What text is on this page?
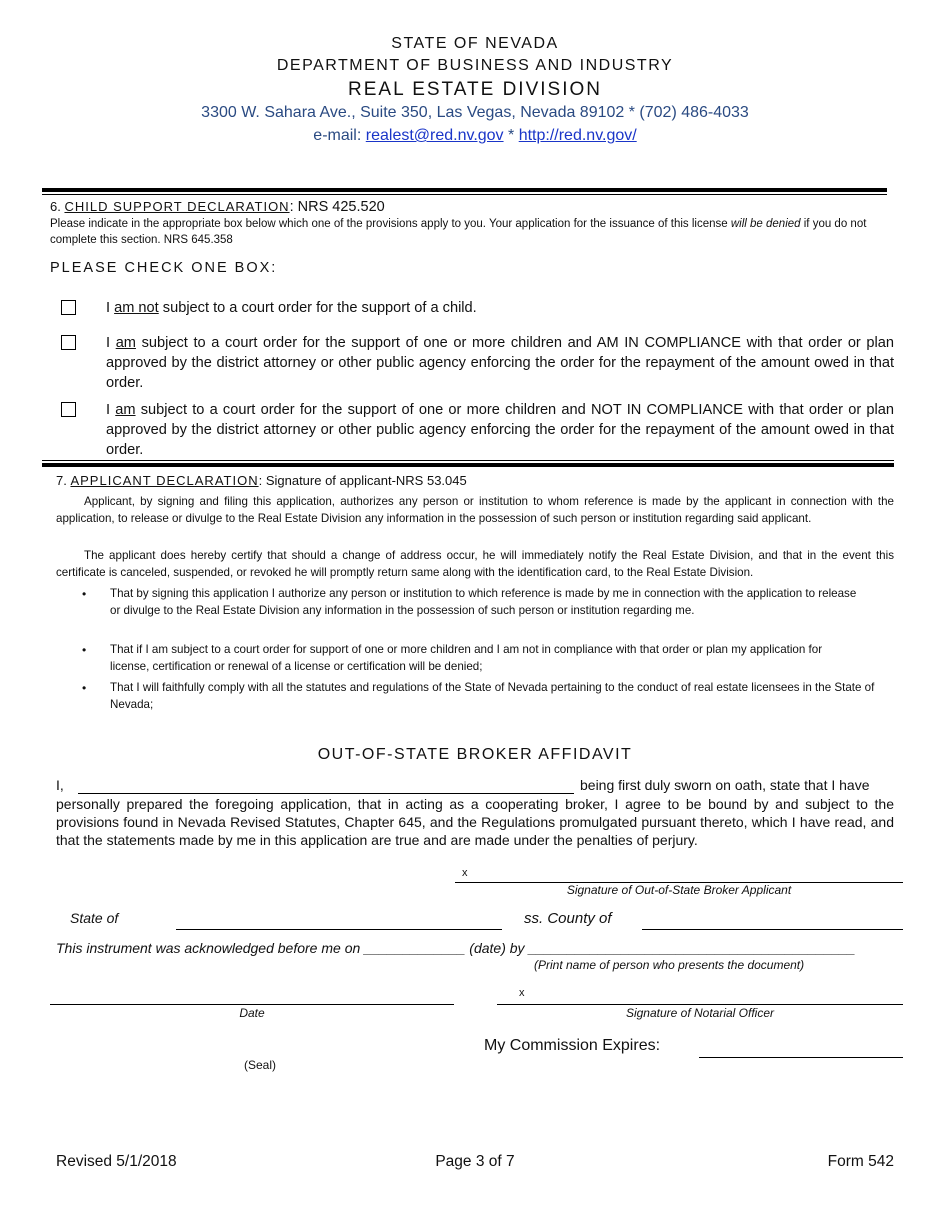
STATE OF NEVADA
DEPARTMENT OF BUSINESS AND INDUSTRY
REAL ESTATE DIVISION
3300 W. Sahara Ave., Suite 350, Las Vegas, Nevada 89102 * (702) 486-4033
e-mail: realest@red.nv.gov * http://red.nv.gov/
6. CHILD SUPPORT DECLARATION: NRS 425.520
Please indicate in the appropriate box below which one of the provisions apply to you. Your application for the issuance of this license will be denied if you do not complete this section. NRS 645.358
PLEASE CHECK ONE BOX:
I am not subject to a court order for the support of a child.
I am subject to a court order for the support of one or more children and AM IN COMPLIANCE with that order or plan approved by the district attorney or other public agency enforcing the order for the repayment of the amount owed in that order.
I am subject to a court order for the support of one or more children and NOT IN COMPLIANCE with that order or plan approved by the district attorney or other public agency enforcing the order for the repayment of the amount owed in that order.
7. APPLICANT DECLARATION: Signature of applicant-NRS 53.045
Applicant, by signing and filing this application, authorizes any person or institution to whom reference is made by the applicant in connection with the application, to release or divulge to the Real Estate Division any information in the possession of such person or institution regarding said applicant.
The applicant does hereby certify that should a change of address occur, he will immediately notify the Real Estate Division, and that in the event this certificate is canceled, suspended, or revoked he will promptly return same along with the identification card, to the Real Estate Division.
• That by signing this application I authorize any person or institution to which reference is made by me in connection with the application to release or divulge to the Real Estate Division any information in the possession of such person or institution regarding me.
• That if I am subject to a court order for support of one or more children and I am not in compliance with that order or plan my application for license, certification or renewal of a license or certification will be denied;
• That I will faithfully comply with all the statutes and regulations of the State of Nevada pertaining to the conduct of real estate licensees in the State of Nevada;
OUT-OF-STATE BROKER AFFIDAVIT
I,	being first duly sworn on oath, state that I have
personally prepared the foregoing application, that in acting as a cooperating broker, I agree to be bound by and subject to the provisions found in Nevada Revised Statutes, Chapter 645, and the Regulations promulgated pursuant thereto, which I have read, and that the statements made by me in this application are true and are made under the penalties of perjury.
x
Signature of Out-of-State Broker Applicant
State of	ss. County of
This instrument was acknowledged before me on _____________ (date) by __________________________________________
(Print name of person who presents the document)
Date
x
Signature of Notarial Officer
My Commission Expires:
(Seal)
Revised 5/1/2018	Page 3 of 7	Form 542
